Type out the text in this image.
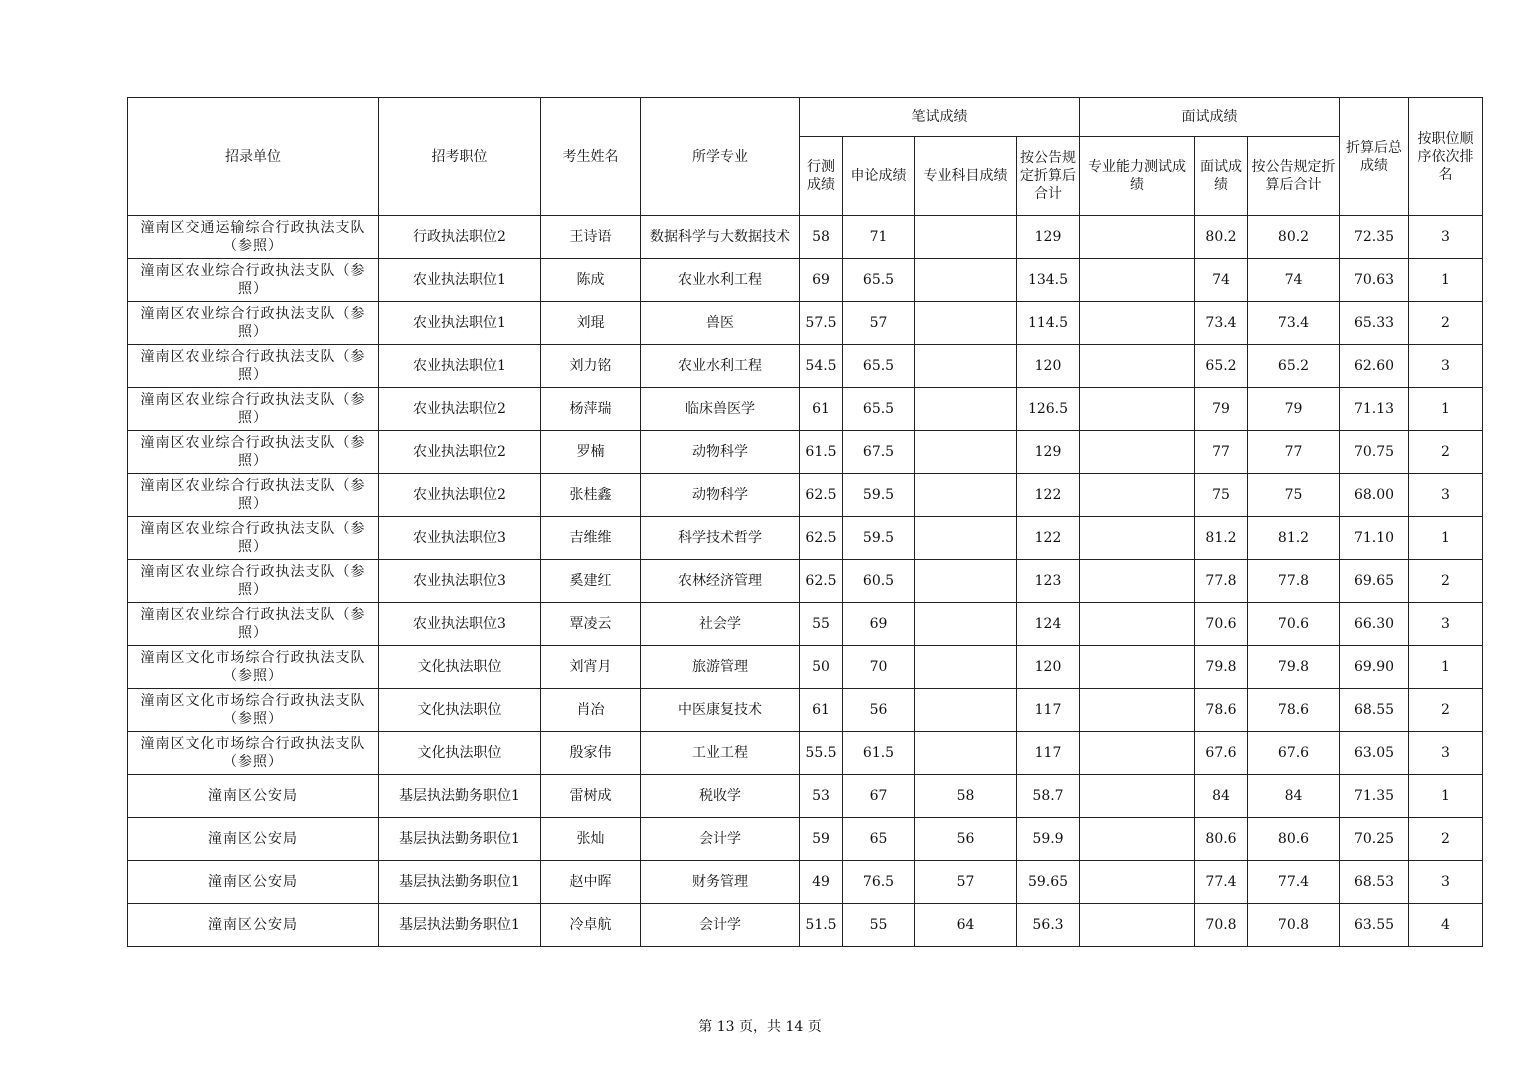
招录单位	招考职位	考生姓名	所学专业	笔试成绩				面试成绩			折算后总成绩	按职位顺序依次排名
				行测成绩	申论成绩	专业科目成绩	按公告规定折算后合计	专业能力测试成绩	面试成绩	按公告规定折算后合计		
潼南区交通运输综合行政执法支队（参照）	行政执法职位2	王诗语	数据科学与大数据技术	58	71		129		80.2	80.2	72.35	3
潼南区农业综合行政执法支队（参照）	农业执法职位1	陈成	农业水利工程	69	65.5		134.5		74	74	70.63	1
潼南区农业综合行政执法支队（参照）	农业执法职位1	刘琨	兽医	57.5	57		114.5		73.4	73.4	65.33	2
潼南区农业综合行政执法支队（参照）	农业执法职位1	刘力铭	农业水利工程	54.5	65.5		120		65.2	65.2	62.60	3
潼南区农业综合行政执法支队（参照）	农业执法职位2	杨萍瑞	临床兽医学	61	65.5		126.5		79	79	71.13	1
潼南区农业综合行政执法支队（参照）	农业执法职位2	罗楠	动物科学	61.5	67.5		129		77	77	70.75	2
潼南区农业综合行政执法支队（参照）	农业执法职位2	张桂鑫	动物科学	62.5	59.5		122		75	75	68.00	3
潼南区农业综合行政执法支队（参照）	农业执法职位3	吉维维	科学技术哲学	62.5	59.5		122		81.2	81.2	71.10	1
潼南区农业综合行政执法支队（参照）	农业执法职位3	奚建红	农林经济管理	62.5	60.5		123		77.8	77.8	69.65	2
潼南区农业综合行政执法支队（参照）	农业执法职位3	覃凌云	社会学	55	69		124		70.6	70.6	66.30	3
潼南区文化市场综合行政执法支队（参照）	文化执法职位	刘宵月	旅游管理	50	70		120		79.8	79.8	69.90	1
潼南区文化市场综合行政执法支队（参照）	文化执法职位	肖冶	中医康复技术	61	56		117		78.6	78.6	68.55	2
潼南区文化市场综合行政执法支队（参照）	文化执法职位	殷家伟	工业工程	55.5	61.5		117		67.6	67.6	63.05	3
潼南区公安局	基层执法勤务职位1	雷树成	税收学	53	67	58	58.7		84	84	71.35	1
潼南区公安局	基层执法勤务职位1	张灿	会计学	59	65	56	59.9		80.6	80.6	70.25	2
潼南区公安局	基层执法勤务职位1	赵中晖	财务管理	49	76.5	57	59.65		77.4	77.4	68.53	3
潼南区公安局	基层执法勤务职位1	冷卓航	会计学	51.5	55	64	56.3		70.8	70.8	63.55	4
第 13 页，共 14 页
